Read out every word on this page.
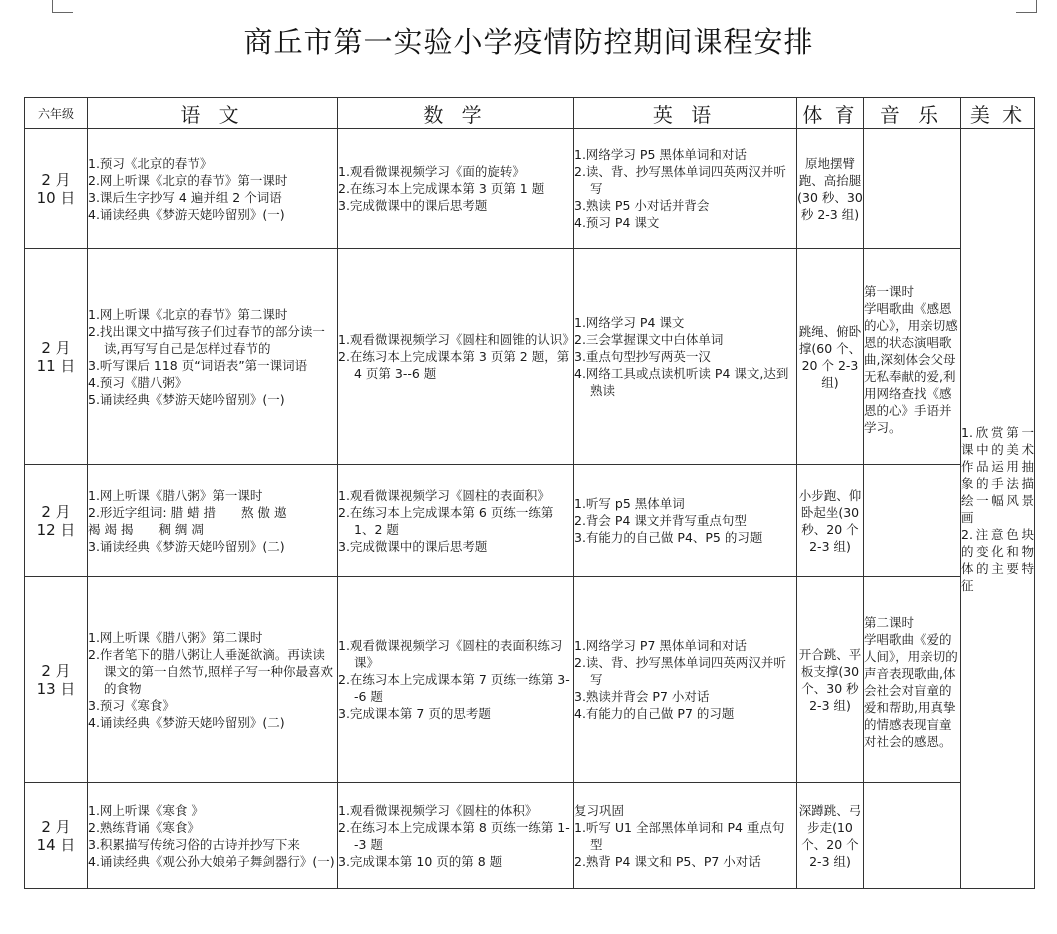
商丘市第一实验小学疫情防控期间课程安排
六年级	语 文	数 学	英 语	体 育	音 乐	美 术

2 月
10 日	1.预习《北京的春节》
2.网上听课《北京的春节》第一课时
3.课后生字抄写 4 遍并组 2 个词语
4.诵读经典《梦游天姥吟留别》(一)	1.观看微课视频学习《面的旋转》
2.在练习本上完成课本第 3 页第 1 题
3.完成微课中的课后思考题	1.网络学习 P5 黑体单词和对话
2.读、背、抄写黑体单词四英两汉并听写
3.熟读 P5 小对话并背会
4.预习 P4 课文	原地摆臂跑、高抬腿(30 秒、30 秒 2-3 组)		1.欣赏第一课中的美术作品运用抽象的手法描绘一幅风景画
2.注意色块的变化和物体的主要特征

2 月
11 日	1.网上听课《北京的春节》第二课时
2.找出课文中描写孩子们过春节的部分读一读,再写写自己是怎样过春节的
3.听写课后 118 页“词语表”第一课词语
4.预习《腊八粥》
5.诵读经典《梦游天姥吟留别》(一)	1.观看微课视频学习《圆柱和圆锥的认识》
2.在练习本上完成课本第 3 页第 2 题，第 4 页第 3--6 题	1.网络学习 P4 课文
2.三会掌握课文中白体单词
3.重点句型抄写两英一汉
4.网络工具或点读机听读 P4 课文,达到熟读	跳绳、俯卧撑(60 个、20 个 2-3 组)	第一课时
学唱歌曲《感恩的心》，用亲切感恩的状态演唱歌曲,深刻体会父母无私奉献的爱,利用网络查找《感恩的心》手语并学习。	

2 月
12 日	1.网上听课《腊八粥》第一课时
2.形近字组词: 腊 蜡 措　　熬 傲 遨
褐 竭 揭　　稠 绸 凋
3.诵读经典《梦游天姥吟留别》(二)	1.观看微课视频学习《圆柱的表面积》
2.在练习本上完成课本第 6 页练一练第 1、2 题
3.完成微课中的课后思考题	1.听写 p5 黑体单词
2.背会 P4 课文并背写重点句型
3.有能力的自己做 P4、P5 的习题	小步跑、仰卧起坐(30 秒、20 个 2-3 组)		

2 月
13 日	1.网上听课《腊八粥》第二课时
2.作者笔下的腊八粥让人垂涎欲滴。再读读课文的第一自然节,照样子写一种你最喜欢的食物
3.预习《寒食》
4.诵读经典《梦游天姥吟留别》(二)	1.观看微课视频学习《圆柱的表面积练习课》
2.在练习本上完成课本第 7 页练一练第 3--6 题
3.完成课本第 7 页的思考题	1.网络学习 P7 黑体单词和对话
2.读、背、抄写黑体单词四英两汉并听写
3.熟读并背会 P7 小对话
4.有能力的自己做 P7 的习题	开合跳、平板支撑(30 个、30 秒 2-3 组)	第二课时
学唱歌曲《爱的人间》，用亲切的声音表现歌曲,体会社会对盲童的爱和帮助,用真挚的情感表现盲童对社会的感恩。	

2 月
14 日	1.网上听课《寒食 》
2.熟练背诵《寒食》
3.积累描写传统习俗的古诗并抄写下来
4.诵读经典《观公孙大娘弟子舞剑器行》(一)	1.观看微课视频学习《圆柱的体积》
2.在练习本上完成课本第 8 页练一练第 1--3 题
3.完成课本第 10 页的第 8 题	复习巩固
1.听写 U1 全部黑体单词和 P4 重点句型
2.熟背 P4 课文和 P5、P7 小对话	深蹲跳、弓步走(10 个、20 个 2-3 组)		
